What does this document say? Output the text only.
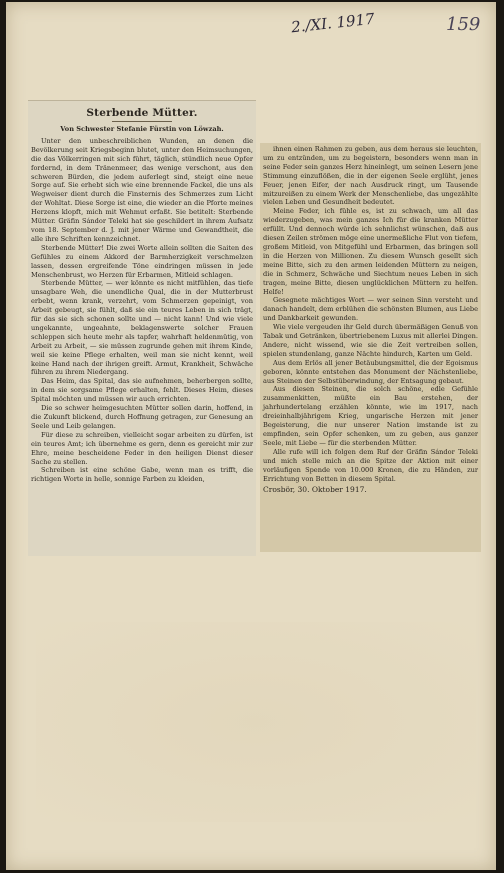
2./XI. 1917	159
Sterbende Mütter.
Von Schwester Stefanie Fürstin von Löwzah.

Unter den unbeschreiblichen Wunden, an denen die Bevölkerung seit Kriegsbeginn blutet, unter den Heimsuchungen, die das Völkerringen mit sich führt, täglich, stündlich neue Opfer fordernd, in dem Tränenmeer, das wenige verschont, aus den schweren Bürden, die jedem auferlegt sind, steigt eine neue Sorge auf. Sie erhebt sich wie eine brennende Fackel, die uns als Wegweiser dient durch die Finsternis des Schmerzes zum Licht der Wohltat. Diese Sorge ist eine, die wieder an die Pforte meines Herzens klopft, mich mit Wehmut erfaßt. Sie betitelt: Sterbende Mütter. Gräfin Sándor Teleki hat sie geschildert in ihrem Aufsatz vom 18. September d. J. mit jener Wärme und Gewandtheit, die alle ihre Schriften kennzeichnet.

Sterbende Mütter! Die zwei Worte allein sollten die Saiten des Gefühles zu einem Akkord der Barmherzigkeit verschmelzen lassen, dessen ergreifende Töne eindringen müssen in jede Menschenbrust, wo Herzen für Erbarmen, Mitleid schlagen.

Sterbende Mütter, — wer könnte es nicht mitfühlen, das tiefe unsagbare Weh, die unendliche Qual, die in der Mutterbrust erbebt, wenn krank, verzehrt, vom Schmerzen gepeinigt, von Arbeit gebeugt, sie fühlt, daß sie ein teures Leben in sich trägt, für das sie sich schonen sollte und — nicht kann! Und wie viele ungekannte, ungeahnte, beklagenswerte solcher Frauen schleppen sich heute mehr als tapfer, wahrhaft heldenmütig, von Arbeit zu Arbeit, — sie müssen zugrunde gehen mit ihrem Kinde, weil sie keine Pflege erhalten, weil man sie nicht kennt, weil keine Hand nach der ihrigen greift. Armut, Krankheit, Schwäche führen zu ihrem Niedergang.

Das Heim, das Spital, das sie aufnehmen, beherbergen sollte, in dem sie sorgsame Pflege erhalten, fehlt. Dieses Heim, dieses Spital möchten und müssen wir auch errichten.

Die so schwer heimgesuchten Mütter sollen darin, hoffend, in die Zukunft blickend, durch Hoffnung getragen, zur Genesung an Seele und Leib gelangen.

Für diese zu schreiben, vielleicht sogar arbeiten zu dürfen, ist ein teures Amt; ich übernehme es gern, denn es gereicht mir zur Ehre, meine bescheidene Feder in den heiligen Dienst dieser Sache zu stellen.

Schreiben ist eine schöne Gabe, wenn man es trifft, die richtigen Worte in helle, sonnige Farben zu kleiden,

ihnen einen Rahmen zu geben, aus dem heraus sie leuchten, um zu entzünden, um zu begeistern, besonders wenn man in seine Feder sein ganzes Herz hineinlegt, um seinen Lesern jene Stimmung einzuflößen, die in der eigenen Seele erglüht, jenes Feuer, jenen Eifer, der nach Ausdruck ringt, um Tausende mitzureißen zu einem Werk der Menschenliebe, das ungezählte vielen Leben und Gesundheit bedeutet.

Meine Feder, ich fühle es, ist zu schwach, um all das wiederzugeben, was mein ganzes Ich für die kranken Mütter erfüllt. Und dennoch würde ich sehnlichst wünschen, daß aus diesen Zeilen strömen möge eine unermeßliche Flut von tiefem, großem Mitleid, von Mitgefühl und Erbarmen, das bringen soll in die Herzen von Millionen. Zu diesem Wunsch gesellt sich meine Bitte, sich zu den armen leidenden Müttern zu neigen, die in Schmerz, Schwäche und Siechtum neues Leben in sich tragen, meine Bitte, diesen unglücklichen Müttern zu helfen. Helfe!

Gesegnete mächtiges Wort — wer seinen Sinn versteht und danach handelt, dem erblühen die schönsten Blumen, aus Liebe und Dankbarkeit gewunden.

Wie viele vergeuden ihr Geld durch übermäßigen Genuß von Tabak und Getränken, übertriebenem Luxus mit allerlei Dingen. Andere, nicht wissend, wie sie die Zeit vertreiben sollen, spielen stundenlang, ganze Nächte hindurch, Karten um Geld.

Aus dem Erlös all jener Betäubungsmittel, die der Egoismus geboren, könnte entstehen das Monument der Nächstenliebe, aus Steinen der Selbstüberwindung, der Entsagung gebaut.

Aus diesen Steinen, die solch schöne, edle Gefühle zusammenkitten, müßte ein Bau erstehen, der jahrhundertelang erzählen könnte, wie im 1917, nach dreieinhalbjährigem Krieg, ungarische Herzen mit jener Begeisterung, die nur unserer Nation imstande ist zu empfinden, sein Opfer schenken, um zu geben, aus ganzer Seele, mit Liebe — für die sterbenden Mütter.

Alle rufe will ich folgen dem Ruf der Gräfin Sándor Teleki und mich stelle mich an die Spitze der Aktion mit einer vorläufigen Spende von 10.000 Kronen, die zu Händen, zur Errichtung von Betten in diesem Spital.

Crosbör, 30. Oktober 1917.
